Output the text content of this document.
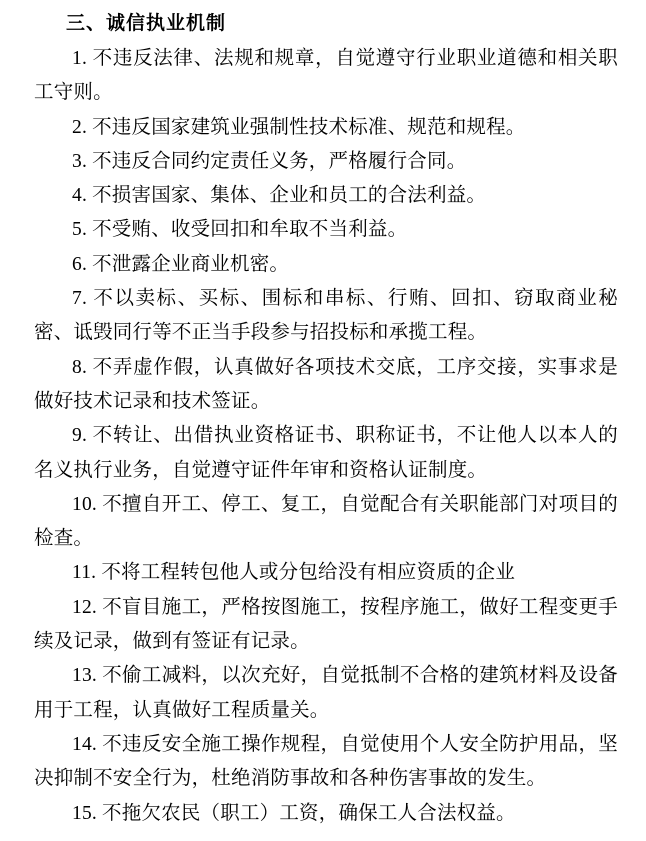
三、诚信执业机制

1. 不违反法律、法规和规章，自觉遵守行业职业道德和相关职工守则。

2. 不违反国家建筑业强制性技术标准、规范和规程。

3. 不违反合同约定责任义务，严格履行合同。

4. 不损害国家、集体、企业和员工的合法利益。

5. 不受贿、收受回扣和牟取不当利益。

6. 不泄露企业商业机密。

7. 不以卖标、买标、围标和串标、行贿、回扣、窃取商业秘密、诋毁同行等不正当手段参与招投标和承揽工程。

8. 不弄虚作假，认真做好各项技术交底，工序交接，实事求是做好技术记录和技术签证。

9. 不转让、出借执业资格证书、职称证书，不让他人以本人的名义执行业务，自觉遵守证件年审和资格认证制度。

10. 不擅自开工、停工、复工，自觉配合有关职能部门对项目的检查。

11. 不将工程转包他人或分包给没有相应资质的企业

12. 不盲目施工，严格按图施工，按程序施工，做好工程变更手续及记录，做到有签证有记录。

13. 不偷工减料，以次充好，自觉抵制不合格的建筑材料及设备用于工程，认真做好工程质量关。

14. 不违反安全施工操作规程，自觉使用个人安全防护用品，坚决抑制不安全行为，杜绝消防事故和各种伤害事故的发生。

15. 不拖欠农民（职工）工资，确保工人合法权益。
